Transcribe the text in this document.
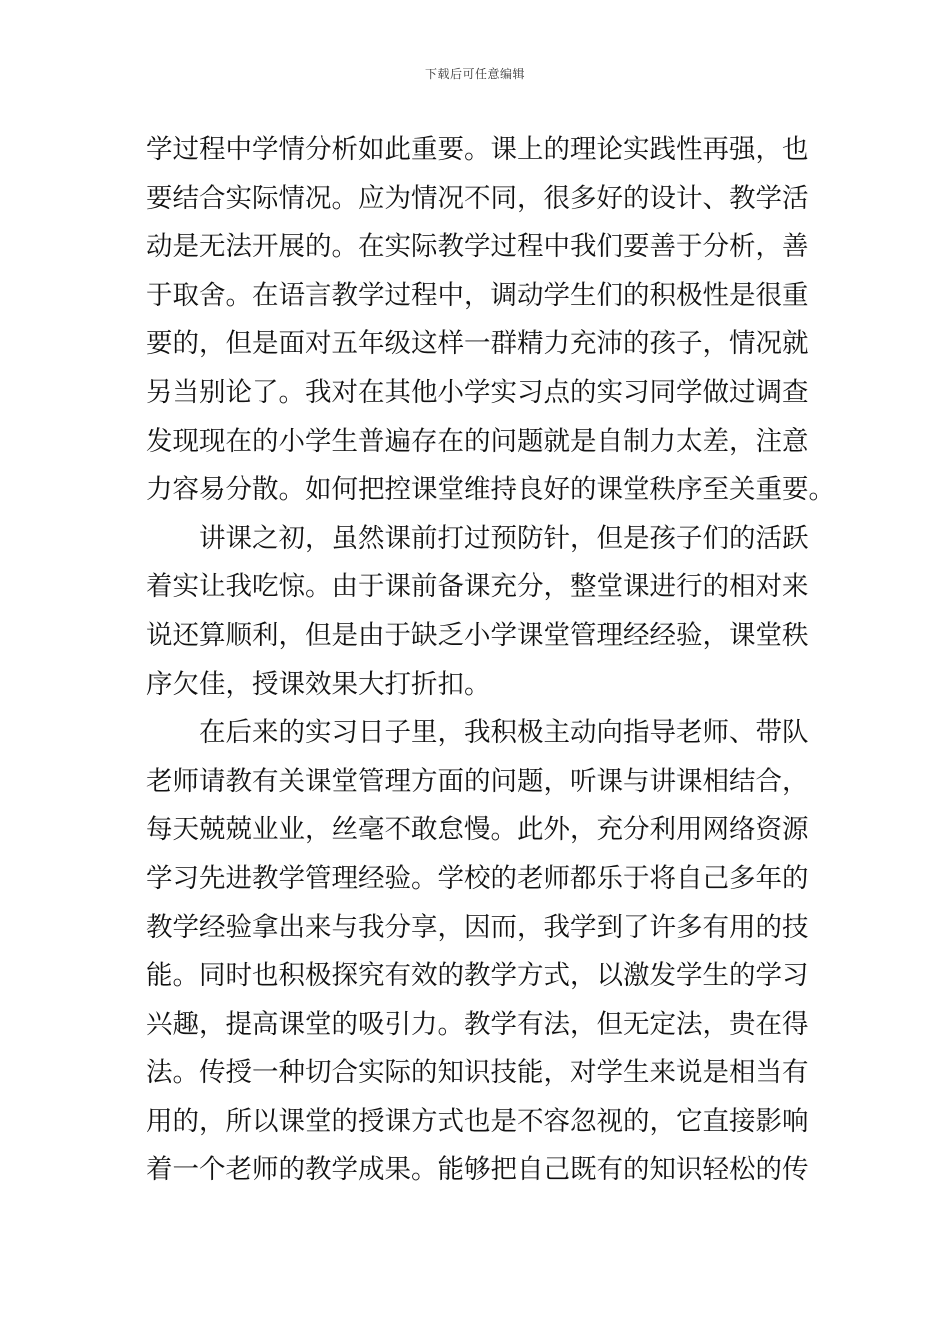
下载后可任意编辑
学过程中学情分析如此重要。课上的理论实践性再强，也
要结合实际情况。应为情况不同，很多好的设计、教学活
动是无法开展的。在实际教学过程中我们要善于分析，善
于取舍。在语言教学过程中，调动学生们的积极性是很重
要的，但是面对五年级这样一群精力充沛的孩子，情况就
另当别论了。我对在其他小学实习点的实习同学做过调查
发现现在的小学生普遍存在的问题就是自制力太差，注意
力容易分散。如何把控课堂维持良好的课堂秩序至关重要。
讲课之初，虽然课前打过预防针，但是孩子们的活跃
着实让我吃惊。由于课前备课充分，整堂课进行的相对来
说还算顺利，但是由于缺乏小学课堂管理经经验，课堂秩
序欠佳，授课效果大打折扣。
在后来的实习日子里，我积极主动向指导老师、带队
老师请教有关课堂管理方面的问题，听课与讲课相结合，
每天兢兢业业，丝毫不敢怠慢。此外，充分利用网络资源
学习先进教学管理经验。学校的老师都乐于将自己多年的
教学经验拿出来与我分享，因而，我学到了许多有用的技
能。同时也积极探究有效的教学方式，以激发学生的学习
兴趣，提高课堂的吸引力。教学有法，但无定法，贵在得
法。传授一种切合实际的知识技能，对学生来说是相当有
用的，所以课堂的授课方式也是不容忽视的，它直接影响
着一个老师的教学成果。能够把自己既有的知识轻松的传
